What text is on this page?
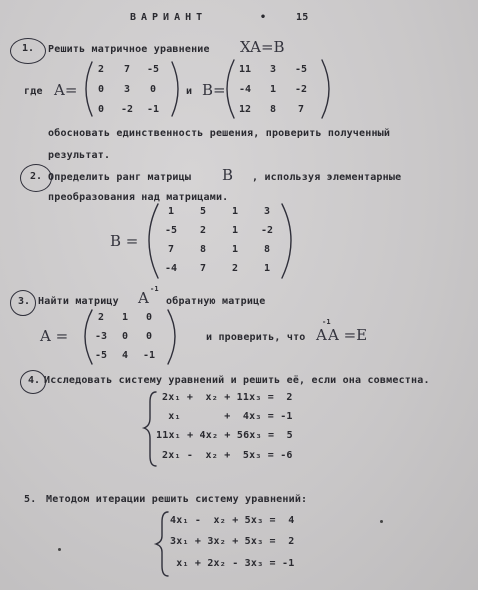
ВАРИАНТ	•	15
1. Решить матричное уравнение XA=B
где A=
2	7	-5
0	3	0
0	-2	-1
и B=
11	3	-5
-4	1	-2
12	8	7
обосновать единственность решения, проверить полученный
результат.
2. Определить ранг матрицы B , используя элементарные
преобразования над матрицами.
B =
1	5	1	3
-5	2	1	-2
7	8	1	8
-4	7	2	1
3. Найти матрицу A -1
обратную матрице
A =
2	1	0
-3	0	0
-5	4	-1
и проверить, что A
-1
A =E
4. Исследовать систему уравнений и решить её, если она совместна.
2x₁ +  x₂ + 11x₃ =  2
x₁       +  4x₃ = -1
11x₁ + 4x₂ + 56x₃ =  5
2x₁ -  x₂ +  5x₃ = -6
5. Методом итерации решить систему уравнений:
4x₁ -  x₂ + 5x₃ =  4
3x₁ + 3x₂ + 5x₃ =  2
x₁ + 2x₂ - 3x₃ = -1
